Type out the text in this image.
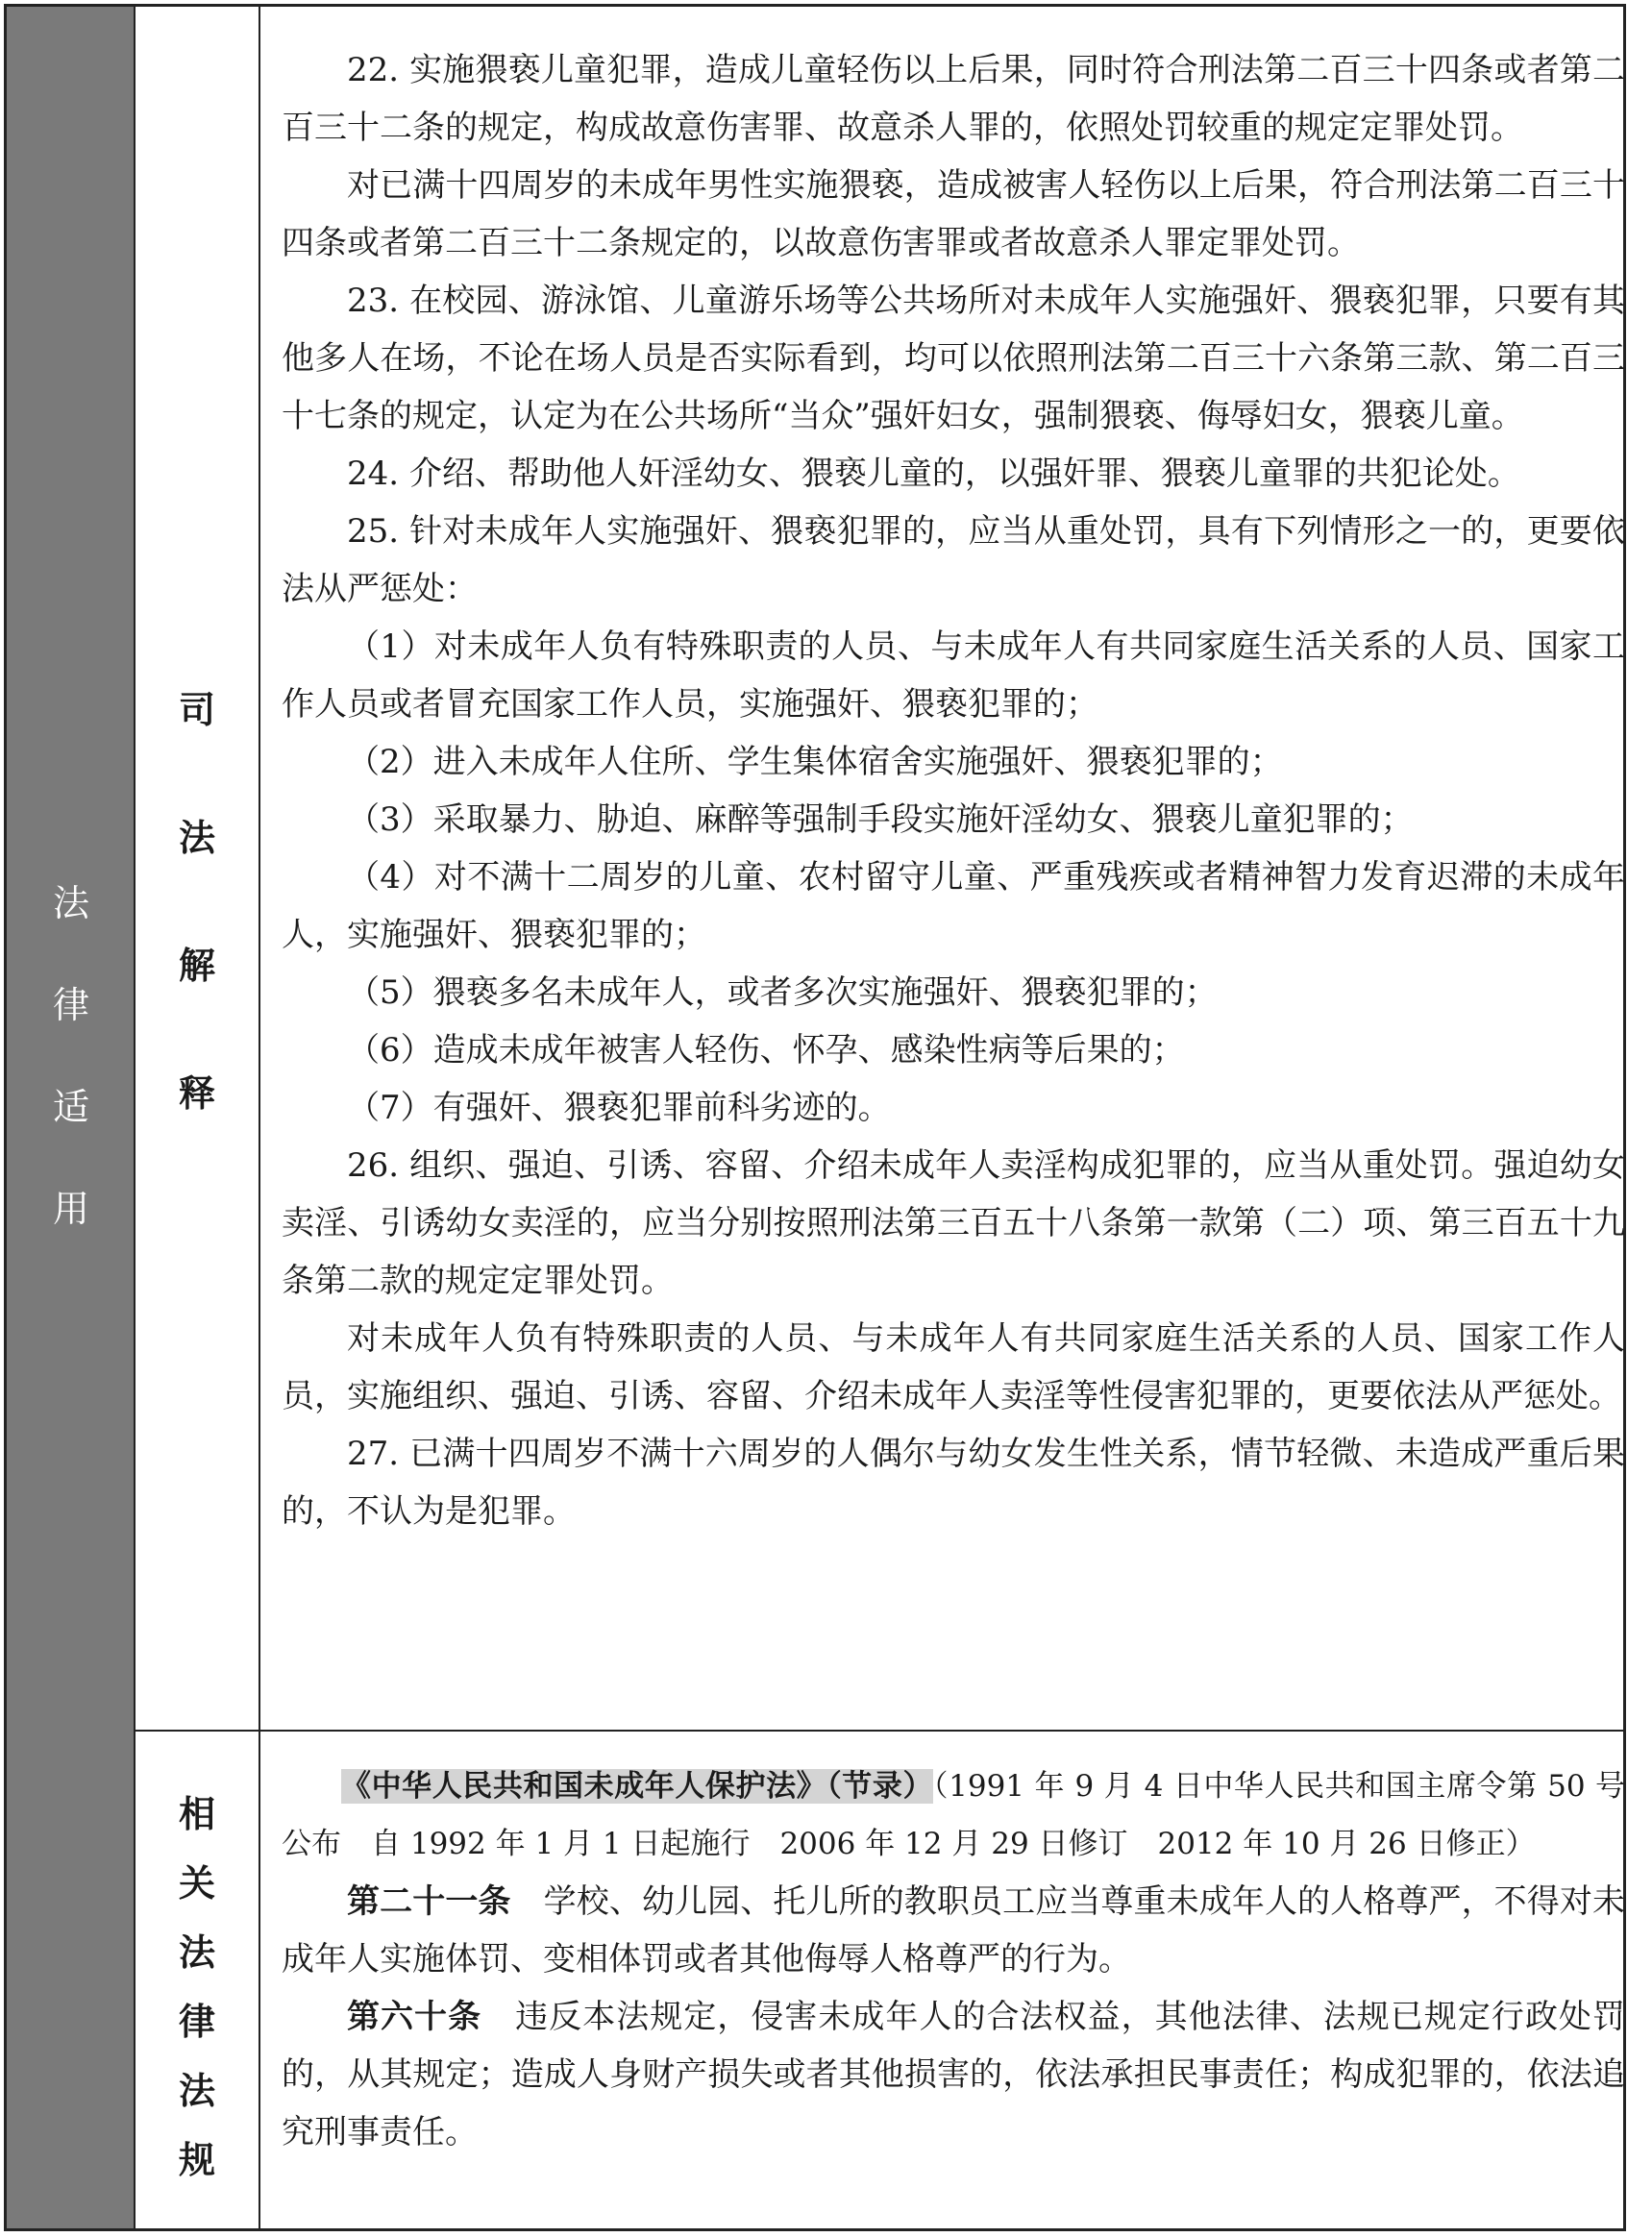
法
律
适
用
司
法
解
释
相
关
法
律
法
规

22. 实施猥亵儿童犯罪，造成儿童轻伤以上后果，同时符合刑法第二百三十四条或者第二百三十二条的规定，构成故意伤害罪、故意杀人罪的，依照处罚较重的规定定罪处罚。

对已满十四周岁的未成年男性实施猥亵，造成被害人轻伤以上后果，符合刑法第二百三十四条或者第二百三十二条规定的，以故意伤害罪或者故意杀人罪定罪处罚。

23. 在校园、游泳馆、儿童游乐场等公共场所对未成年人实施强奸、猥亵犯罪，只要有其他多人在场，不论在场人员是否实际看到，均可以依照刑法第二百三十六条第三款、第二百三十七条的规定，认定为在公共场所“当众”强奸妇女，强制猥亵、侮辱妇女，猥亵儿童。

24. 介绍、帮助他人奸淫幼女、猥亵儿童的，以强奸罪、猥亵儿童罪的共犯论处。

25. 针对未成年人实施强奸、猥亵犯罪的，应当从重处罚，具有下列情形之一的，更要依法从严惩处：

（1）对未成年人负有特殊职责的人员、与未成年人有共同家庭生活关系的人员、国家工作人员或者冒充国家工作人员，实施强奸、猥亵犯罪的；

（2）进入未成年人住所、学生集体宿舍实施强奸、猥亵犯罪的；

（3）采取暴力、胁迫、麻醉等强制手段实施奸淫幼女、猥亵儿童犯罪的；

（4）对不满十二周岁的儿童、农村留守儿童、严重残疾或者精神智力发育迟滞的未成年人，实施强奸、猥亵犯罪的；

（5）猥亵多名未成年人，或者多次实施强奸、猥亵犯罪的；

（6）造成未成年被害人轻伤、怀孕、感染性病等后果的；

（7）有强奸、猥亵犯罪前科劣迹的。

26. 组织、强迫、引诱、容留、介绍未成年人卖淫构成犯罪的，应当从重处罚。强迫幼女卖淫、引诱幼女卖淫的，应当分别按照刑法第三百五十八条第一款第（二）项、第三百五十九条第二款的规定定罪处罚。

对未成年人负有特殊职责的人员、与未成年人有共同家庭生活关系的人员、国家工作人员，实施组织、强迫、引诱、容留、介绍未成年人卖淫等性侵害犯罪的，更要依法从严惩处。

27. 已满十四周岁不满十六周岁的人偶尔与幼女发生性关系，情节轻微、未造成严重后果的，不认为是犯罪。

《中华人民共和国未成年人保护法》（节录）（1991 年 9 月 4 日中华人民共和国主席令第 50 号公布　自 1992 年 1 月 1 日起施行　2006 年 12 月 29 日修订　2012 年 10 月 26 日修正）

第二十一条　学校、幼儿园、托儿所的教职员工应当尊重未成年人的人格尊严，不得对未成年人实施体罚、变相体罚或者其他侮辱人格尊严的行为。

第六十条　违反本法规定，侵害未成年人的合法权益，其他法律、法规已规定行政处罚的，从其规定；造成人身财产损失或者其他损害的，依法承担民事责任；构成犯罪的，依法追究刑事责任。
